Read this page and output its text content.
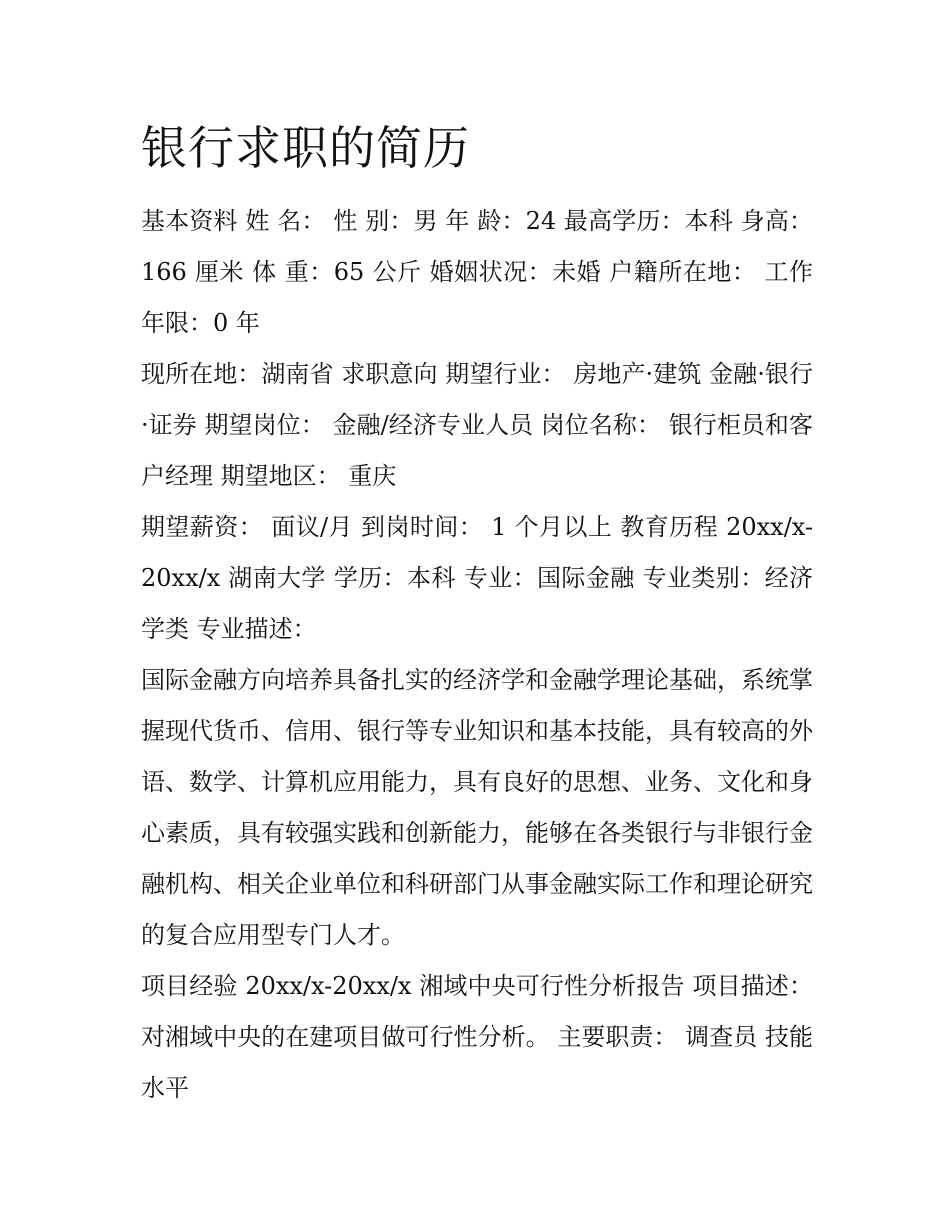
银行求职的简历

基本资料 姓 名： 性 别：男 年 龄：24 最高学历：本科 身高：166 厘米 体 重：65 公斤 婚姻状况：未婚 户籍所在地： 工作年限：0 年

现所在地：湖南省 求职意向 期望行业： 房地产·建筑 金融·银行·证券 期望岗位： 金融/经济专业人员 岗位名称： 银行柜员和客户经理 期望地区： 重庆

期望薪资： 面议/月 到岗时间： 1 个月以上 教育历程 20xx/x-20xx/x 湖南大学 学历：本科 专业：国际金融 专业类别：经济学类 专业描述：

国际金融方向培养具备扎实的经济学和金融学理论基础，系统掌握现代货币、信用、银行等专业知识和基本技能，具有较高的外语、数学、计算机应用能力，具有良好的思想、业务、文化和身心素质，具有较强实践和创新能力，能够在各类银行与非银行金融机构、相关企业单位和科研部门从事金融实际工作和理论研究的复合应用型专门人才。

项目经验 20xx/x-20xx/x 湘域中央可行性分析报告 项目描述：对湘域中央的在建项目做可行性分析。 主要职责： 调查员 技能水平
